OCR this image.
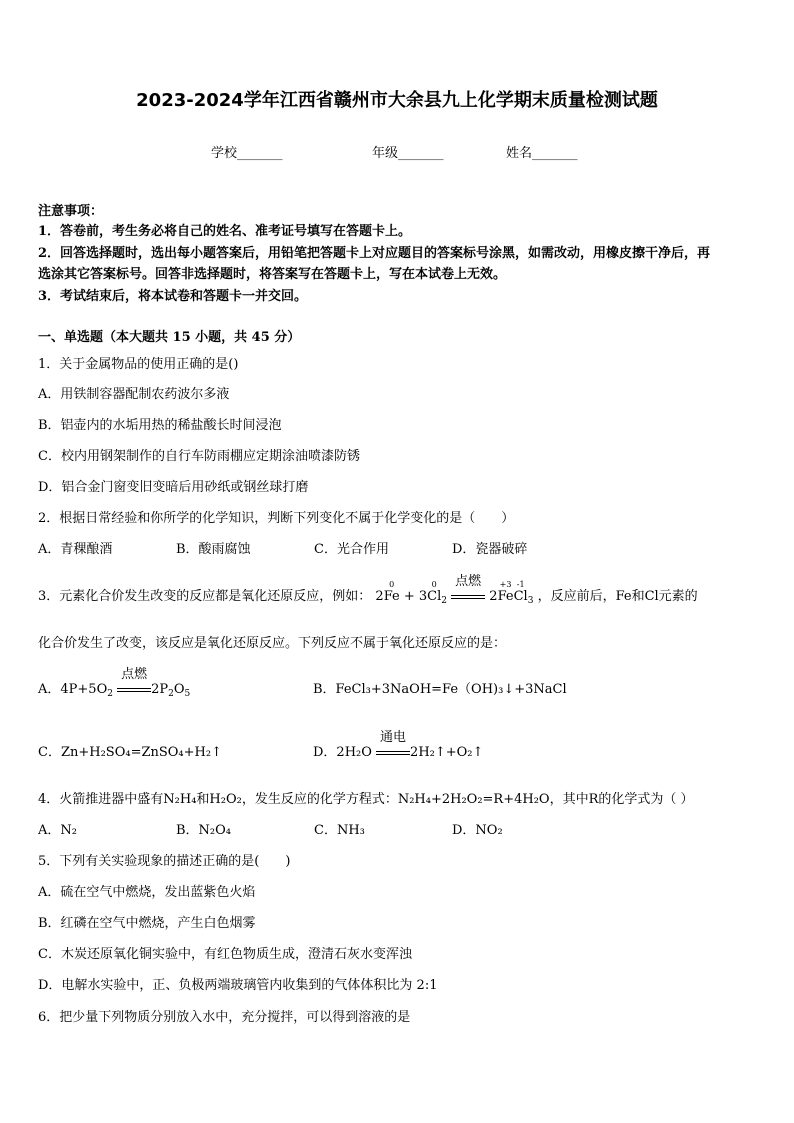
2023-2024学年江西省赣州市大余县九上化学期末质量检测试题
学校_______	年级_______	姓名_______
注意事项：
1．答卷前，考生务必将自己的姓名、准考证号填写在答题卡上。
2．回答选择题时，选出每小题答案后，用铅笔把答题卡上对应题目的答案标号涂黑，如需改动，用橡皮擦干净后，再
选涂其它答案标号。回答非选择题时，将答案写在答题卡上，写在本试卷上无效。
3．考试结束后，将本试卷和答题卡一并交回。
一、单选题（本大题共 15 小题，共 45 分）
1．关于金属物品的使用正确的是()
A．用铁制容器配制农药波尔多液
B．铝壶内的水垢用热的稀盐酸长时间浸泡
C．校内用钢架制作的自行车防雨棚应定期涂油喷漆防锈
D．铝合金门窗变旧变暗后用砂纸或钢丝球打磨
2．根据日常经验和你所学的化学知识，判断下列变化不属于化学变化的是（　　）
A．青稞酿酒	B．酸雨腐蚀	C．光合作用	D．瓷器破碎
3．元素化合价发生改变的反应都是氧化还原反应，例如： 2
0
Fe + 3
0
$Cl_2$
点燃
2
+3
Fe
-1
$Cl_3$ ，反应前后，Fe和Cl元素的
化合价发生了改变，该反应是氧化还原反应。下列反应不属于氧化还原反应的是：
A．$4P+5O_2$
点燃
$2P_2O_5$	B．FeCl₃+3NaOH=Fe（OH)₃↓+3NaCl
C．Zn+H₂SO₄=ZnSO₄+H₂↑	D．2H₂O
通电
2H₂↑+O₂↑
4．火箭推进器中盛有N₂H₄和H₂O₂，发生反应的化学方程式：N₂H₄+2H₂O₂=R+4H₂O，其中R的化学式为（ ）
A．N₂	B．N₂O₄	C．NH₃	D．NO₂
5．下列有关实验现象的描述正确的是(　　)
A．硫在空气中燃烧，发出蓝紫色火焰
B．红磷在空气中燃烧，产生白色烟雾
C．木炭还原氧化铜实验中，有红色物质生成，澄清石灰水变浑浊
D．电解水实验中，正、负极两端玻璃管内收集到的气体体积比为 2:1
6．把少量下列物质分别放入水中，充分搅拌，可以得到溶液的是
